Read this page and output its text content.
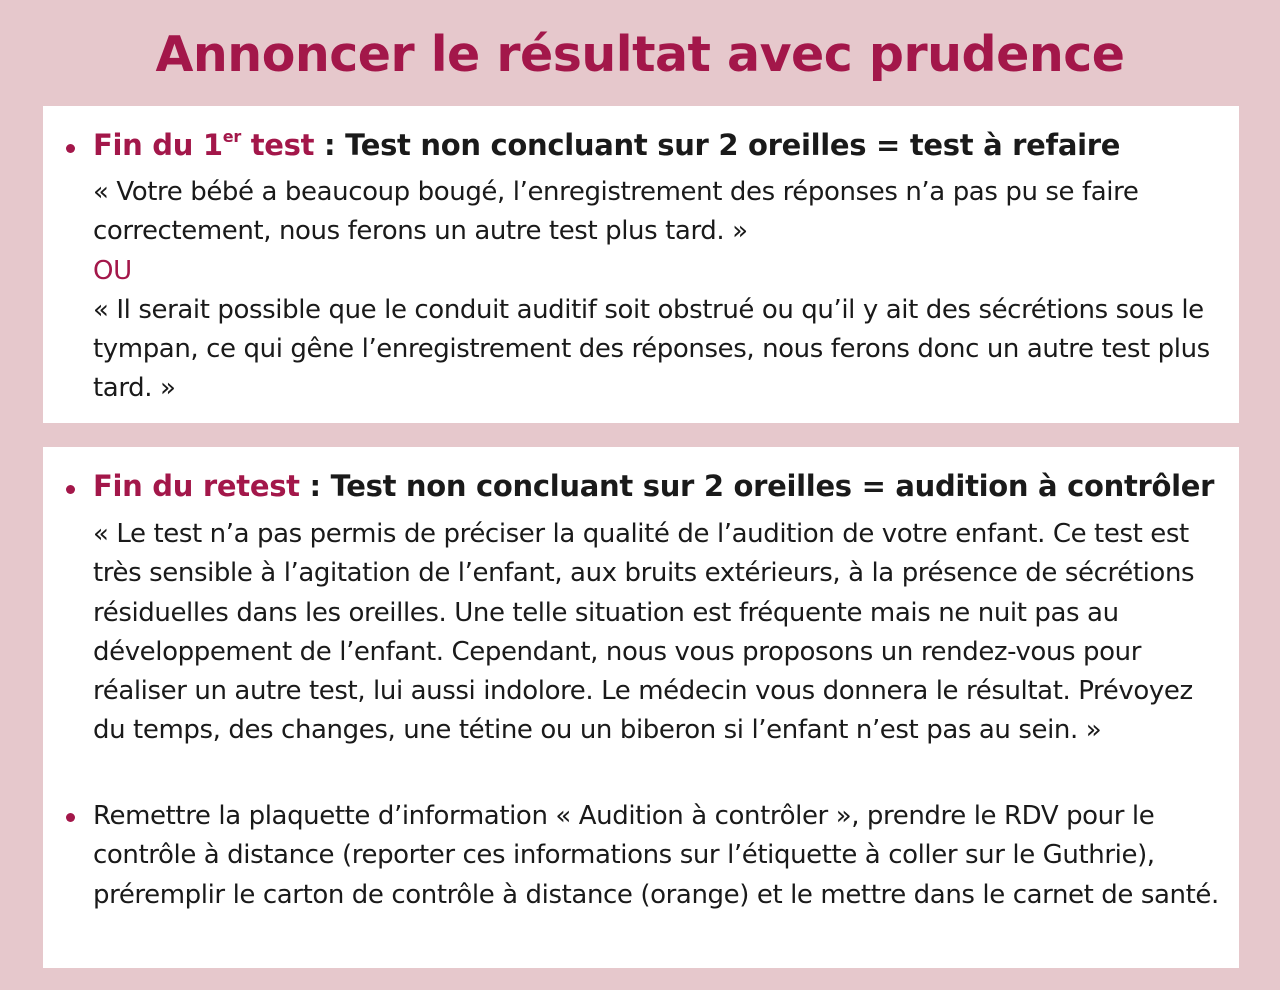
Annoncer le résultat avec prudence
Fin du 1er test : Test non concluant sur 2 oreilles = test à refaire
« Votre bébé a beaucoup bougé, l’enregistrement des réponses n’a pas pu se faire correctement, nous ferons un autre test plus tard. »
OU
« Il serait possible que le conduit auditif soit obstrué ou qu’il y ait des sécrétions sous le tympan, ce qui gêne l’enregistrement des réponses, nous ferons donc un autre test plus tard. »
Fin du retest : Test non concluant sur 2 oreilles = audition à contrôler
« Le test n’a pas permis de préciser la qualité de l’audition de votre enfant. Ce test est très sensible à l’agitation de l’enfant, aux bruits extérieurs, à la présence de sécrétions résiduelles dans les oreilles. Une telle situation est fréquente mais ne nuit pas au développement de l’enfant. Cependant, nous vous proposons un rendez-vous pour réaliser un autre test, lui aussi indolore. Le médecin vous donnera le résultat. Prévoyez du temps, des changes, une tétine ou un biberon si l’enfant n’est pas au sein. »
Remettre la plaquette d’information « Audition à contrôler », prendre le RDV pour le contrôle à distance (reporter ces informations sur l’étiquette à coller sur le Guthrie), préremplir le carton de contrôle à distance (orange) et le mettre dans le carnet de santé.
